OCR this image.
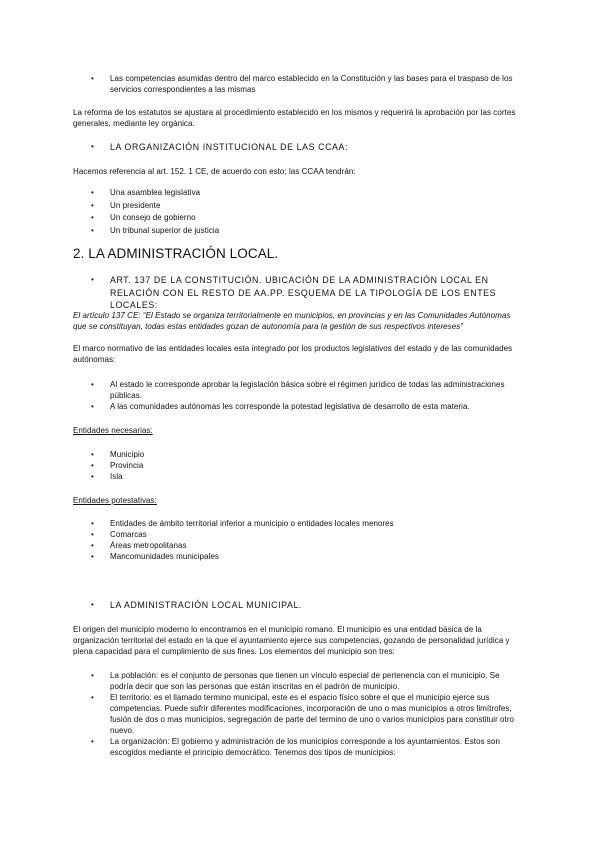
• Las competencias asumidas dentro del marco establecido en la Constitución y las bases para el traspaso de los servicios correspondientes a las mismas

La reforma de los estatutos se ajustara al procedimiento establecido en los mismos y requerirá la aprobación por las cortes generales, mediante ley orgánica.

• LA ORGANIZACIÓN INSTITUCIONAL DE LAS CCAA:

Hacemos referencia al art. 152. 1 CE, de acuerdo con esto; las CCAA tendrán:

• Una asamblea legislativa
• Un presidente
• Un consejo de gobierno
• Un tribunal superior de justicia
2. LA ADMINISTRACIÓN LOCAL.
• ART. 137 DE LA CONSTITUCIÓN. UBICACIÓN DE LA ADMINISTRACIÓN LOCAL EN RELACIÓN CON EL RESTO DE AA.PP. ESQUEMA DE LA TIPOLOGÍA DE LOS ENTES LOCALES:

El artículo 137 CE: “El Estado se organiza territorialmente en municipios, en provincias y en las Comunidades Autónomas que se constituyan, todas estas entidades gozan de autonomía para la gestión de sus respectivos intereses”

El marco normativo de las entidades locales esta integrado por los productos legislativos del estado y de las comunidades autónomas:

• Al estado le corresponde aprobar la legislación básica sobre el régimen jurídico de todas las administraciones públicas.
• A las comunidades autónomas les corresponde la potestad legislativa de desarrollo de esta materia.

Entidades necesarias:

• Municipio
• Provincia
• Isla

Entidades potestativas:

• Entidades de ámbito territorial inferior a municipio o entidades locales menores
• Comarcas
• Áreas metropolitanas
• Mancomunidades municipales
• LA ADMINISTRACIÓN LOCAL MUNICIPAL.

El origen del municipio moderno lo encontramos en el municipio romano. El municipio es una entidad básica de la organización territorial del estado en la que el ayuntamiento ejerce sus competencias, gozando de personalidad jurídica y plena capacidad para el cumplimiento de sus fines. Los elementos del municipio son tres:

• La población: es el conjunto de personas que tienen un vínculo especial de pertenencia con el municipio. Se podría decir que son las personas que están inscritas en el padrón de municipio.
• El territorio: es el llamado termino municipal, este es el espacio físico sobre el que el municipio ejerce sus competencias. Puede sufrir diferentes modificaciones, incorporación de uno o mas municipios a otros limítrofes, fusión de dos o mas municipios, segregación de parte del termino de uno o varios municipios para constituir otro nuevo.
• La organización: El gobierno y administración de los municipios corresponde a los ayuntamientos. Estos son escogidos mediante el principio democrático. Tenemos dos tipos de municipios:
